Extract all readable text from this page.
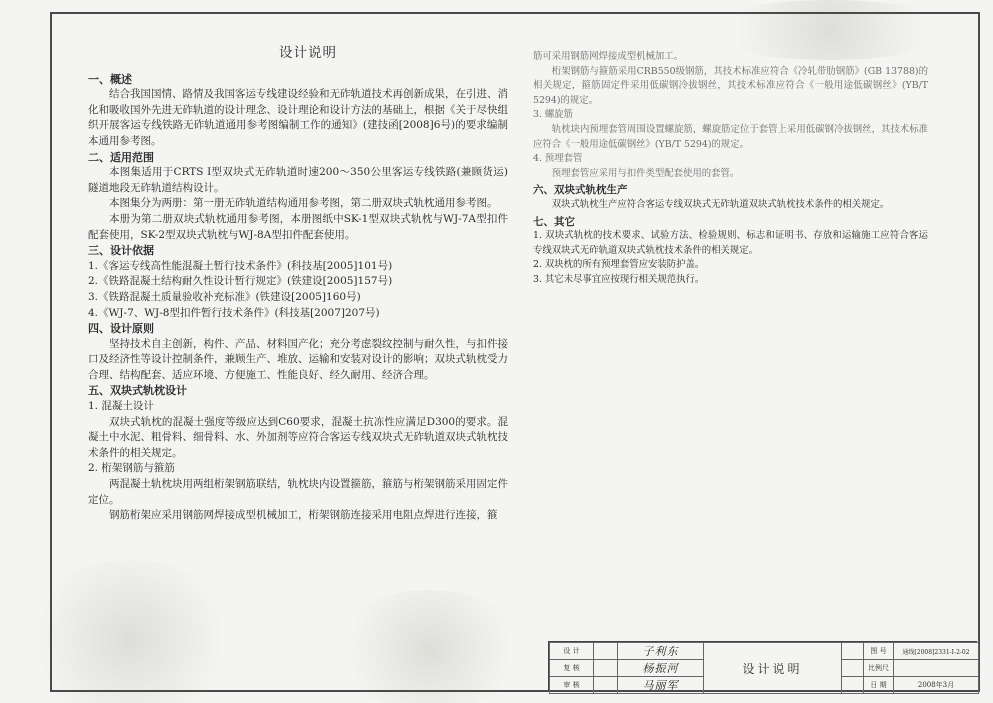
设计说明
一、概述
结合我国国情、路情及我国客运专线建设经验和无砟轨道技术再创新成果，在引进、消化和吸收国外先进无砟轨道的设计理念、设计理论和设计方法的基础上，根据《关于尽快组织开展客运专线铁路无砟轨道通用参考图编制工作的通知》(建技函[2008]6号)的要求编制本通用参考图。
二、适用范围
本图集适用于CRTS I型双块式无砟轨道时速200～350公里客运专线铁路(兼顾货运)隧道地段无砟轨道结构设计。
本图集分为两册：第一册无砟轨道结构通用参考图，第二册双块式轨枕通用参考图。
本册为第二册双块式轨枕通用参考图，本册图纸中SK-1型双块式轨枕与WJ-7A型扣件配套使用，SK-2型双块式轨枕与WJ-8A型扣件配套使用。
三、设计依据
1.《客运专线高性能混凝土暂行技术条件》(科技基[2005]101号)
2.《铁路混凝土结构耐久性设计暂行规定》(铁建设[2005]157号)
3.《铁路混凝土质量验收补充标准》(铁建设[2005]160号)
4.《WJ-7、WJ-8型扣件暂行技术条件》(科技基[2007]207号)
四、设计原则
坚持技术自主创新，构件、产品、材料国产化；充分考虑裂纹控制与耐久性，与扣件接口及经济性等设计控制条件，兼顾生产、堆放、运输和安装对设计的影响；双块式轨枕受力合理、结构配套、适应环境、方便施工、性能良好、经久耐用、经济合理。
五、双块式轨枕设计
1. 混凝土设计
双块式轨枕的混凝土强度等级应达到C60要求，混凝土抗冻性应满足D300的要求。混凝土中水泥、粗骨料、细骨料、水、外加剂等应符合客运专线双块式无砟轨道双块式轨枕技术条件的相关规定。
2. 桁架钢筋与箍筋
两混凝土轨枕块用两组桁架钢筋联结，轨枕块内设置箍筋，箍筋与桁架钢筋采用固定件定位。
钢筋桁架应采用钢筋网焊接成型机械加工，桁架钢筋连接采用电阻点焊进行连接，箍
筋可采用钢筋网焊接成型机械加工。
桁架钢筋与箍筋采用CRB550级钢筋，其技术标准应符合《冷轧带肋钢筋》(GB 13788)的相关规定，箍筋固定件采用低碳钢冷拔钢丝，其技术标准应符合《一般用途低碳钢丝》(YB/T 5294)的规定。
3. 螺旋筋
轨枕块内预埋套管周围设置螺旋筋，螺旋筋定位于套管上采用低碳钢冷拔钢丝，其技术标准应符合《一般用途低碳钢丝》(YB/T 5294)的规定。
4. 预埋套管
预埋套管应采用与扣件类型配套使用的套管。
六、双块式轨枕生产
双块式轨枕生产应符合客运专线双块式无砟轨道双块式轨枕技术条件的相关规定。
七、其它
1. 双块式轨枕的技术要求、试验方法、检验规则、标志和证明书、存放和运输施工应符合客运专线双块式无砟轨道双块式轨枕技术条件的相关规定。
2. 双块枕的所有预埋套管应安装防护盖。
3. 其它未尽事宜应按现行相关规范执行。
设 计		子利东	设计说明		图 号	通线[2008]2331-I-2-02
复 核		杨振河			比例尺	
审 核		马丽军			日 期	2008年3月
